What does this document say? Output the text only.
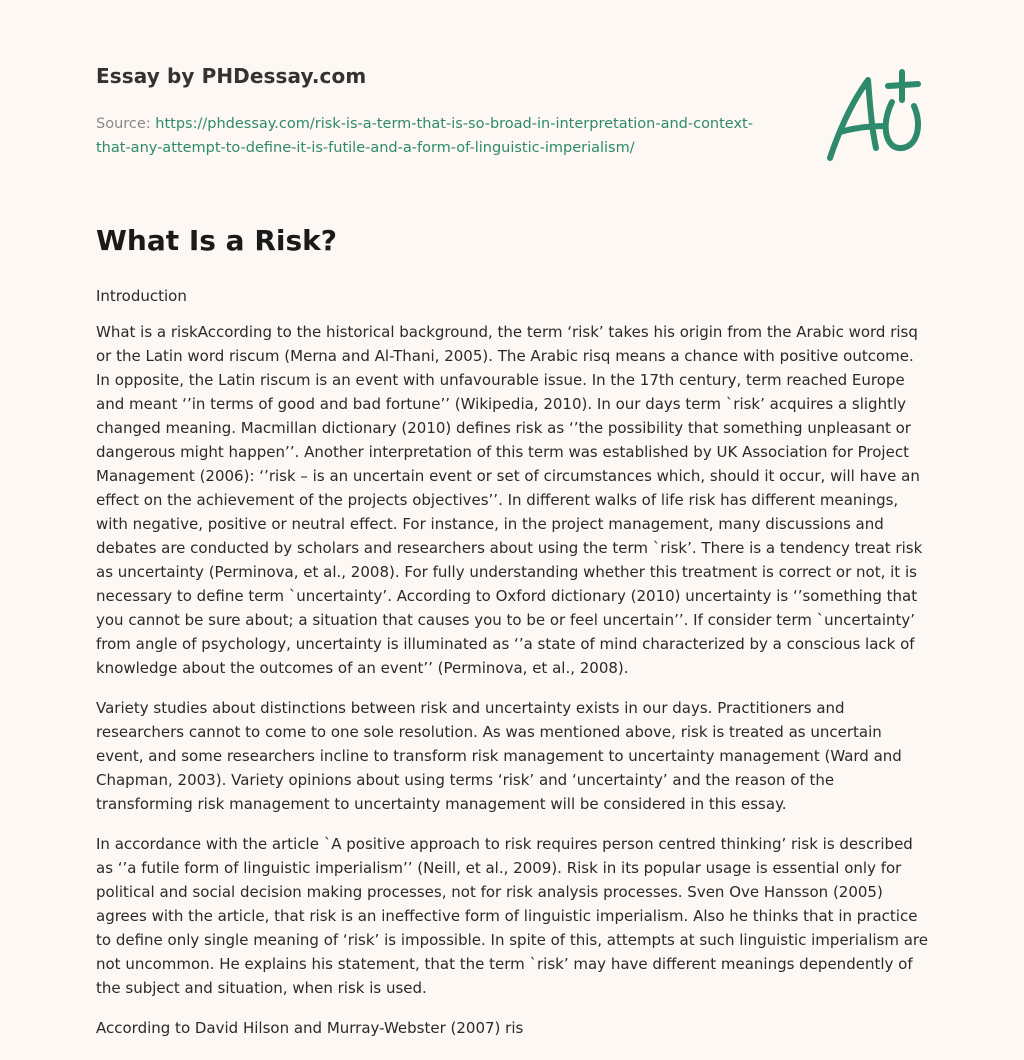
Essay by PHDessay.com
Source: https://phdessay.com/risk-is-a-term-that-is-so-broad-in-interpretation-and-context-that-any-attempt-to-define-it-is-futile-and-a-form-of-linguistic-imperialism/
What Is a Risk?

Introduction

What is a riskAccording to the historical background, the term ‘risk’ takes his origin from the Arabic word risq or the Latin word riscum (Merna and Al-Thani, 2005). The Arabic risq means a chance with positive outcome. In opposite, the Latin riscum is an event with unfavourable issue. In the 17th century, term reached Europe and meant ‘’in terms of good and bad fortune’’ (Wikipedia, 2010). In our days term `risk’ acquires a slightly changed meaning. Macmillan dictionary (2010) defines risk as ‘’the possibility that something unpleasant or dangerous might happen’’. Another interpretation of this term was established by UK Association for Project Management (2006): ‘’risk – is an uncertain event or set of circumstances which, should it occur, will have an effect on the achievement of the projects objectives’’. In different walks of life risk has different meanings, with negative, positive or neutral effect. For instance, in the project management, many discussions and debates are conducted by scholars and researchers about using the term `risk’. There is a tendency treat risk as uncertainty (Perminova, et al., 2008). For fully understanding whether this treatment is correct or not, it is necessary to define term `uncertainty’. According to Oxford dictionary (2010) uncertainty is ‘’something that you cannot be sure about; a situation that causes you to be or feel uncertain’’. If consider term `uncertainty’ from angle of psychology, uncertainty is illuminated as ‘’a state of mind characterized by a conscious lack of knowledge about the outcomes of an event’’ (Perminova, et al., 2008).

Variety studies about distinctions between risk and uncertainty exists in our days. Practitioners and researchers cannot to come to one sole resolution. As was mentioned above, risk is treated as uncertain event, and some researchers incline to transform risk management to uncertainty management (Ward and Chapman, 2003). Variety opinions about using terms ‘risk’ and ‘uncertainty’ and the reason of the transforming risk management to uncertainty management will be considered in this essay.

In accordance with the article `A positive approach to risk requires person centred thinking’ risk is described as ‘’a futile form of linguistic imperialism’’ (Neill, et al., 2009). Risk in its popular usage is essential only for political and social decision making processes, not for risk analysis processes. Sven Ove Hansson (2005) agrees with the article, that risk is an ineffective form of linguistic imperialism. Also he thinks that in practice to define only single meaning of ‘risk’ is impossible. In spite of this, attempts at such linguistic imperialism are not uncommon. He explains his statement, that the term `risk’ may have different meanings dependently of the subject and situation, when risk is used.

According to David Hilson and Murray-Webster (2007) ris
